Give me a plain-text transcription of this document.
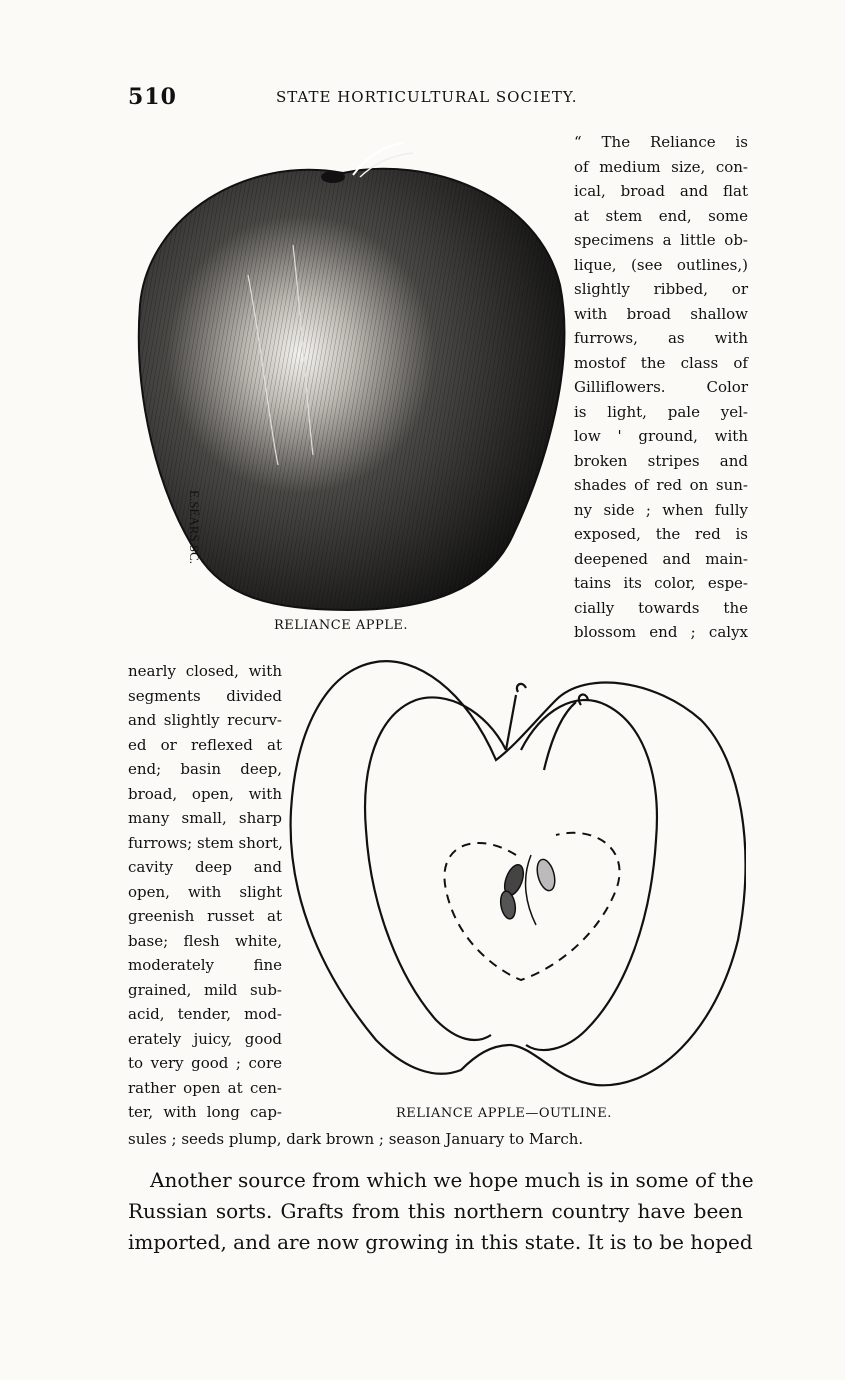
510	STATE HORTICULTURAL SOCIETY.
E.SEARS.SC.
RELIANCE APPLE.
RELIANCE APPLE—OUTLINE.
“ The Reliance is
of medium size, con-
ical, broad and flat
at stem end, some
specimens a little ob-
lique, (see outlines,)
slightly ribbed, or
with broad shallow
furrows, as with
mostof the class of
Gilliflowers. Color
is light, pale yel-
low ' ground, with
broken stripes and
shades of red on sun-
ny side ; when fully
exposed, the red is
deepened and main-
tains its color, espe-
cially towards the
blossom end ; calyx
nearly closed, with
segments divided
and slightly recurv-
ed or reflexed at
end; basin deep,
broad, open, with
many small, sharp
furrows; stem short,
cavity deep and
open, with slight
greenish russet at
base; flesh white,
moderately fine
grained, mild sub-
acid, tender, mod-
erately juicy, good
to very good ; core
rather open at cen-
ter, with long cap-
sules ; seeds plump, dark brown ; season January to March.
Another source from which we hope much is in some of the
Russian sorts. Grafts from this northern country have been
imported, and are now growing in this state. It is to be hoped
